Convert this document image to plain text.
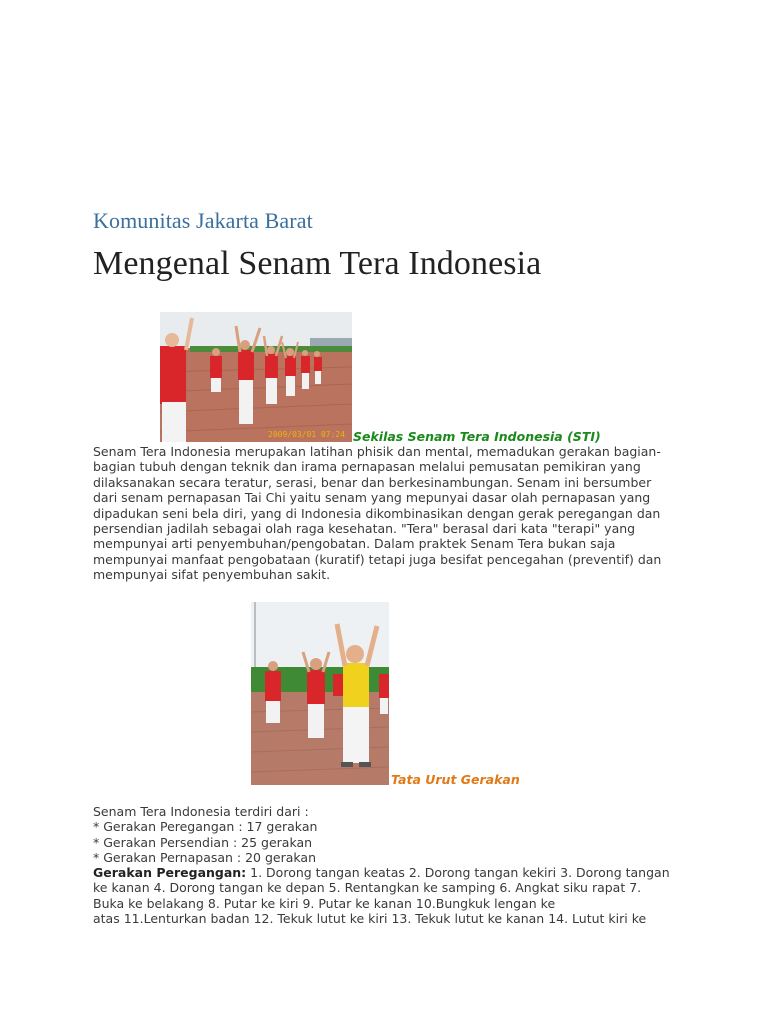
Komunitas Jakarta Barat
Mengenal Senam Tera Indonesia
2009/03/01 07:24 Sekilas Senam Tera Indonesia (STI)

Senam Tera Indonesia merupakan latihan phisik dan mental, memadukan gerakan bagian-bagian tubuh dengan teknik dan irama pernapasan melalui pemusatan pemikiran yang dilaksanakan secara teratur, serasi, benar dan berkesinambungan. Senam ini bersumber dari senam pernapasan Tai Chi yaitu senam yang mepunyai dasar olah pernapasan yang dipadukan seni bela diri, yang di Indonesia dikombinasikan dengan gerak peregangan dan persendian jadilah sebagai olah raga kesehatan. "Tera" berasal dari kata "terapi" yang mempunyai arti penyembuhan/pengobatan. Dalam praktek Senam Tera bukan saja mempunyai manfaat pengobataan (kuratif) tetapi juga besifat pencegahan (preventif) dan mempunyai sifat penyembuhan sakit.

Tata Urut Gerakan
Senam Tera Indonesia terdiri dari :
* Gerakan Peregangan : 17 gerakan
* Gerakan Persendian : 25 gerakan
* Gerakan Pernapasan : 20 gerakan
Gerakan Peregangan: 1. Dorong tangan keatas 2. Dorong tangan kekiri 3. Dorong tangan
ke kanan 4. Dorong tangan ke depan 5. Rentangkan ke samping 6. Angkat siku rapat 7.
Buka ke belakang 8. Putar ke kiri 9. Putar ke kanan 10.Bungkuk lengan ke
atas 11.Lenturkan badan 12. Tekuk lutut ke kiri 13. Tekuk lutut ke kanan 14. Lutut kiri ke
